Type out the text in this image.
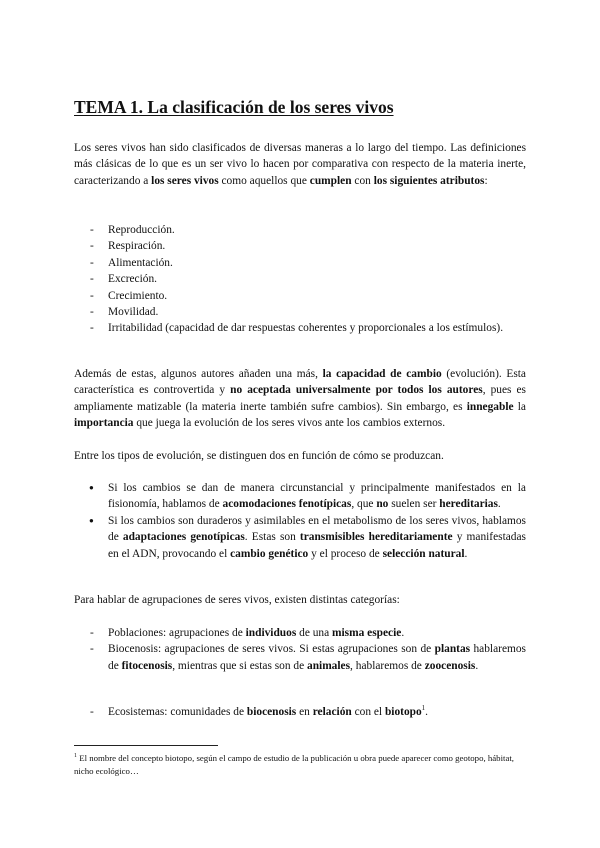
TEMA 1. La clasificación de los seres vivos

Los seres vivos han sido clasificados de diversas maneras a lo largo del tiempo. Las definiciones más clásicas de lo que es un ser vivo lo hacen por comparativa con respecto de la materia inerte, caracterizando a los seres vivos como aquellos que cumplen con los siguientes atributos:

- Reproducción.
- Respiración.
- Alimentación.
- Excreción.
- Crecimiento.
- Movilidad.
- Irritabilidad (capacidad de dar respuestas coherentes y proporcionales a los estímulos).

Además de estas, algunos autores añaden una más, la capacidad de cambio (evolución). Esta característica es controvertida y no aceptada universalmente por todos los autores, pues es ampliamente matizable (la materia inerte también sufre cambios). Sin embargo, es innegable la importancia que juega la evolución de los seres vivos ante los cambios externos.

Entre los tipos de evolución, se distinguen dos en función de cómo se produzcan.

● Si los cambios se dan de manera circunstancial y principalmente manifestados en la fisionomía, hablamos de acomodaciones fenotípicas, que no suelen ser hereditarias.
● Si los cambios son duraderos y asimilables en el metabolismo de los seres vivos, hablamos de adaptaciones genotípicas. Estas son transmisibles hereditariamente y manifestadas en el ADN, provocando el cambio genético y el proceso de selección natural.

Para hablar de agrupaciones de seres vivos, existen distintas categorías:

- Poblaciones: agrupaciones de individuos de una misma especie.
- Biocenosis: agrupaciones de seres vivos. Si estas agrupaciones son de plantas hablaremos de fitocenosis, mientras que si estas son de animales, hablaremos de zoocenosis.
- Ecosistemas: comunidades de biocenosis en relación con el biotopo$^1$.

$^1$ El nombre del concepto biotopo, según el campo de estudio de la publicación u obra puede aparecer como geotopo, hábitat, nicho ecológico…
